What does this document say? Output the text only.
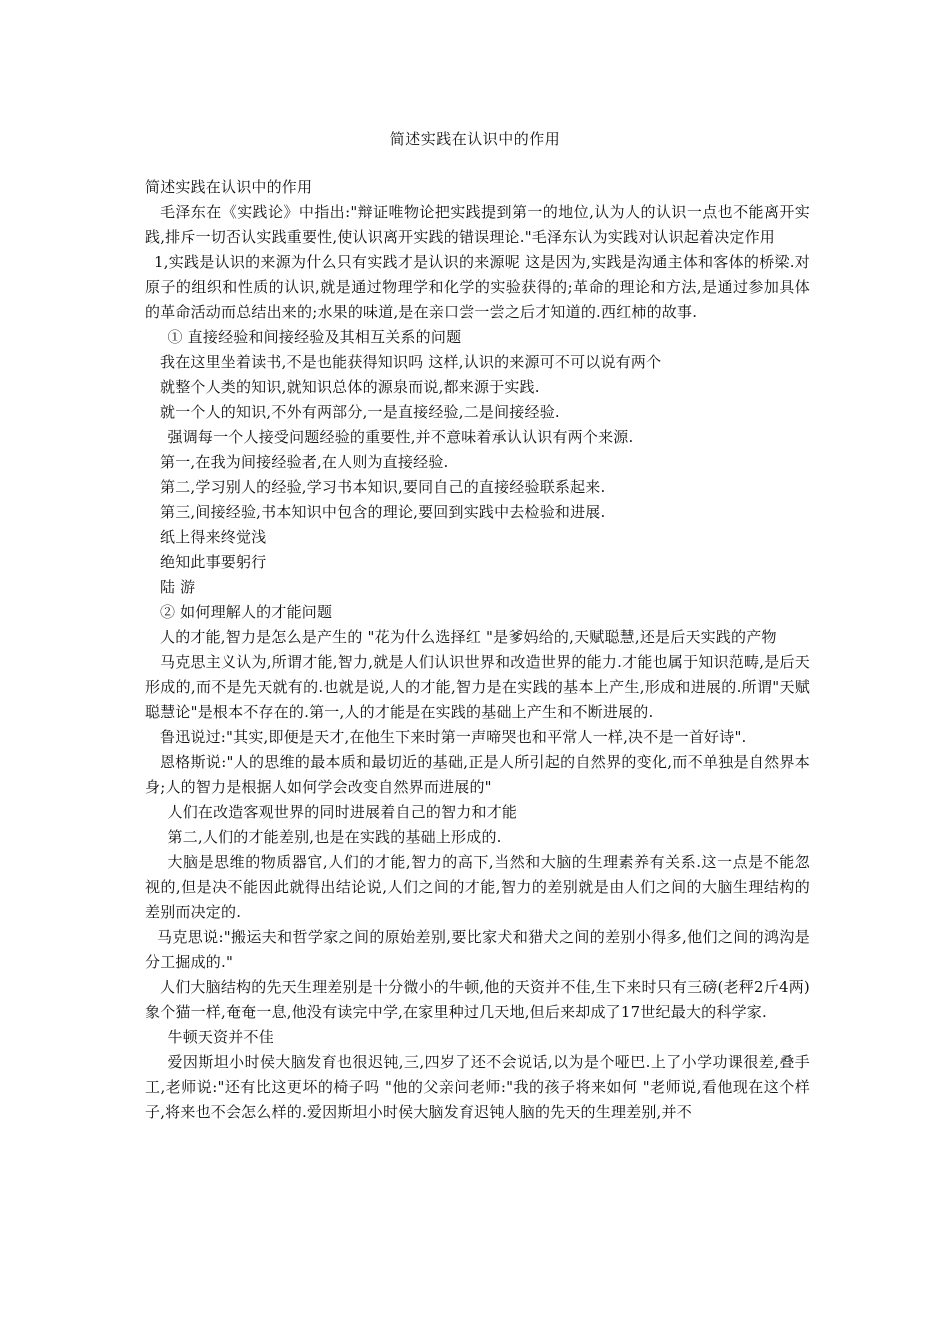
简述实践在认识中的作用

简述实践在认识中的作用

毛泽东在《实践论》中指出:"辩证唯物论把实践提到第一的地位,认为人的认识一点也不能离开实践,排斥一切否认实践重要性,使认识离开实践的错误理论."毛泽东认为实践对认识起着决定作用

1,实践是认识的来源为什么只有实践才是认识的来源呢 这是因为,实践是沟通主体和客体的桥梁.对原子的组织和性质的认识,就是通过物理学和化学的实验获得的;革命的理论和方法,是通过参加具体的革命活动而总结出来的;水果的味道,是在亲口尝一尝之后才知道的.西红柿的故事.

① 直接经验和间接经验及其相互关系的问题

我在这里坐着读书,不是也能获得知识吗 这样,认识的来源可不可以说有两个

就整个人类的知识,就知识总体的源泉而说,都来源于实践.

就一个人的知识,不外有两部分,一是直接经验,二是间接经验.

强调每一个人接受问题经验的重要性,并不意味着承认认识有两个来源.

第一,在我为间接经验者,在人则为直接经验.

第二,学习别人的经验,学习书本知识,要同自己的直接经验联系起来.

第三,间接经验,书本知识中包含的理论,要回到实践中去检验和进展.

纸上得来终觉浅

绝知此事要躬行

陆 游

② 如何理解人的才能问题

人的才能,智力是怎么是产生的 "花为什么选择红 "是爹妈给的,天赋聪慧,还是后天实践的产物

马克思主义认为,所谓才能,智力,就是人们认识世界和改造世界的能力.才能也属于知识范畴,是后天形成的,而不是先天就有的.也就是说,人的才能,智力是在实践的基本上产生,形成和进展的.所谓"天赋聪慧论"是根本不存在的.第一,人的才能是在实践的基础上产生和不断进展的.

鲁迅说过:"其实,即便是天才,在他生下来时第一声啼哭也和平常人一样,决不是一首好诗".

恩格斯说:"人的思维的最本质和最切近的基础,正是人所引起的自然界的变化,而不单独是自然界本身;人的智力是根据人如何学会改变自然界而进展的"

人们在改造客观世界的同时进展着自己的智力和才能

第二,人们的才能差别,也是在实践的基础上形成的.

大脑是思维的物质器官,人们的才能,智力的高下,当然和大脑的生理素养有关系.这一点是不能忽视的,但是决不能因此就得出结论说,人们之间的才能,智力的差别就是由人们之间的大脑生理结构的差别而决定的.

马克思说:"搬运夫和哲学家之间的原始差别,要比家犬和猎犬之间的差别小得多,他们之间的鸿沟是分工掘成的."

人们大脑结构的先天生理差别是十分微小的牛顿,他的天资并不佳,生下来时只有三磅(老秤2斤4两)象个猫一样,奄奄一息,他没有读完中学,在家里种过几天地,但后来却成了17世纪最大的科学家.

牛顿天资并不佳

爱因斯坦小时侯大脑发育也很迟钝,三,四岁了还不会说话,以为是个哑巴.上了小学功课很差,叠手工,老师说:"还有比这更坏的椅子吗 "他的父亲问老师:"我的孩子将来如何 "老师说,看他现在这个样子,将来也不会怎么样的.爱因斯坦小时侯大脑发育迟钝人脑的先天的生理差别,并不
